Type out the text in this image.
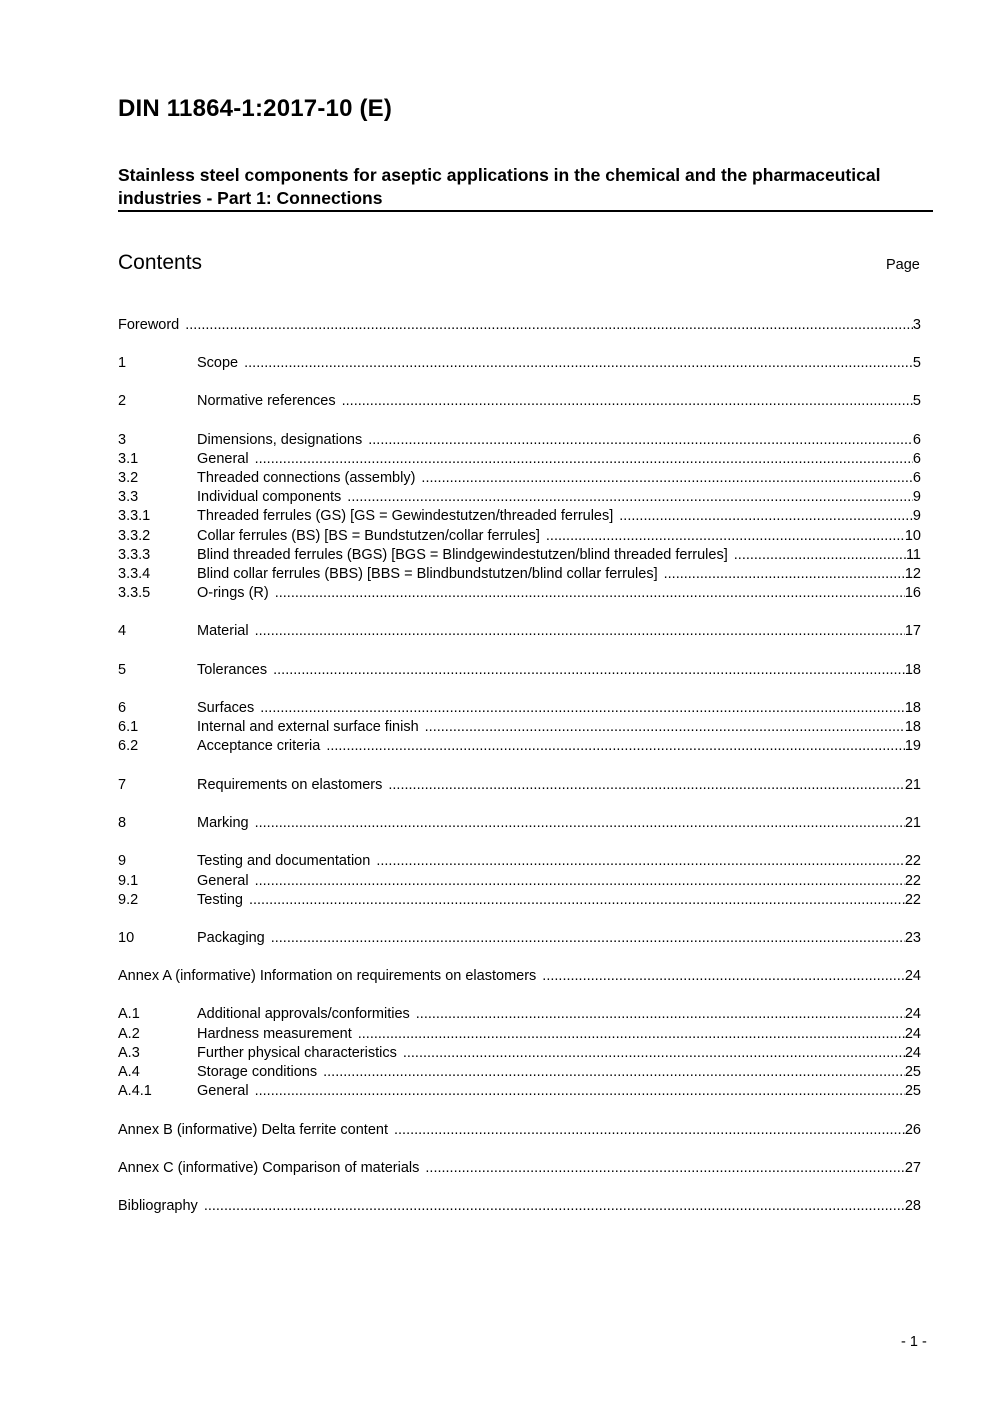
DIN 11864-1:2017-10 (E)
Stainless steel components for aseptic applications in the chemical and the pharmaceutical industries - Part 1: Connections
Contents	Page
Foreword .....	3
1	Scope .....	5
2	Normative references .....	5
3	Dimensions, designations .....	6
3.1	General .....	6
3.2	Threaded connections (assembly) .....	6
3.3	Individual components .....	9
3.3.1	Threaded ferrules (GS) [GS = Gewindestutzen/threaded ferrules] .....	9
3.3.2	Collar ferrules (BS) [BS = Bundstutzen/collar ferrules] .....	10
3.3.3	Blind threaded ferrules (BGS) [BGS = Blindgewindestutzen/blind threaded ferrules] .....	11
3.3.4	Blind collar ferrules (BBS) [BBS = Blindbundstutzen/blind collar ferrules] .....	12
3.3.5	O-rings (R) .....	16
4	Material .....	17
5	Tolerances .....	18
6	Surfaces .....	18
6.1	Internal and external surface finish .....	18
6.2	Acceptance criteria .....	19
7	Requirements on elastomers .....	21
8	Marking .....	21
9	Testing and documentation .....	22
9.1	General .....	22
9.2	Testing .....	22
10	Packaging .....	23
Annex A (informative) Information on requirements on elastomers .....	24
A.1	Additional approvals/conformities .....	24
A.2	Hardness measurement .....	24
A.3	Further physical characteristics .....	24
A.4	Storage conditions .....	25
A.4.1	General .....	25
Annex B (informative) Delta ferrite content .....	26
Annex C (informative) Comparison of materials .....	27
Bibliography .....	28
- 1 -
